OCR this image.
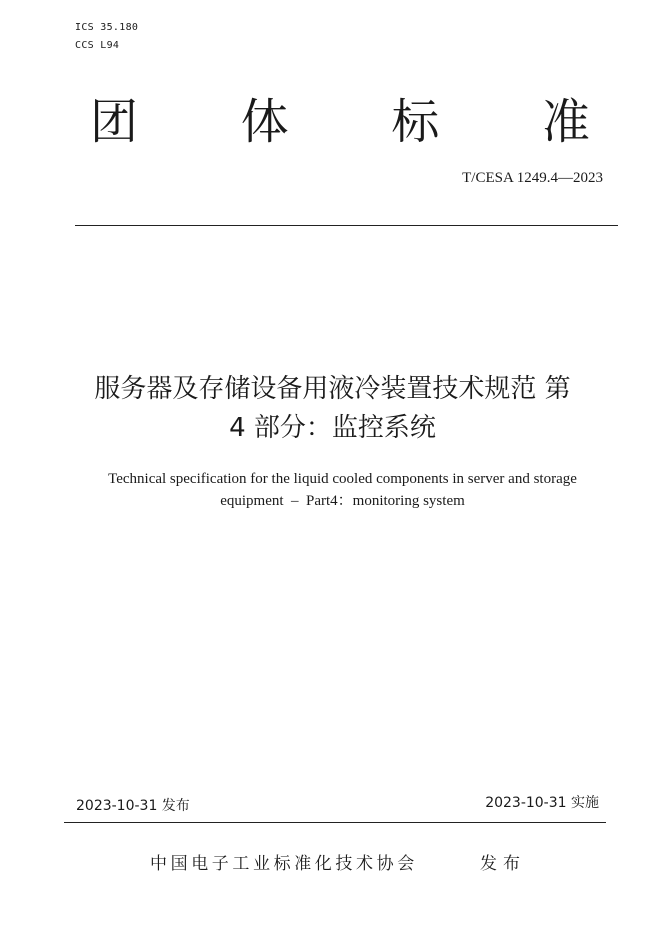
ICS 35.180
CCS L94
团 体 标 准
T/CESA 1249.4—2023
服务器及存储设备用液冷装置技术规范 第
4 部分：监控系统
Technical specification for the liquid cooled components in server and storage
equipment  –  Part4：monitoring system
2023-10-31 发布	2023-10-31 实施
中国电子工业标准化技术协会	发布
